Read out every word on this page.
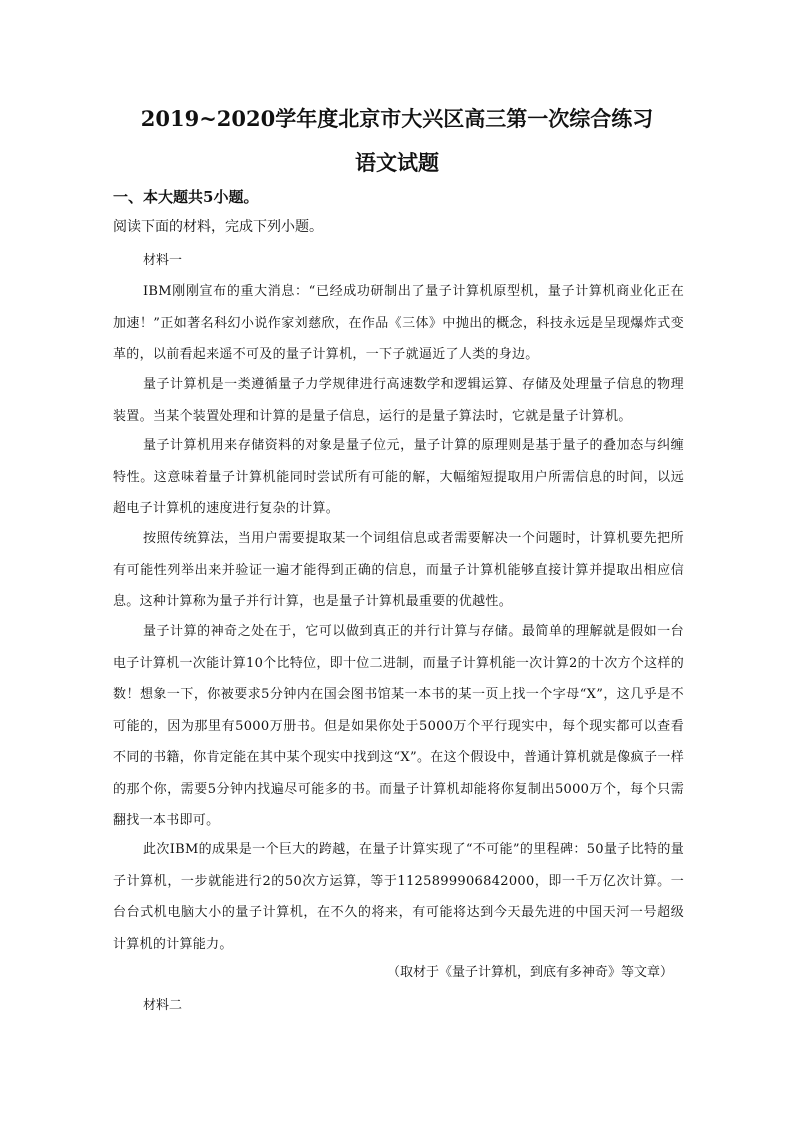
2019~2020学年度北京市大兴区高三第一次综合练习
语文试题
一、本大题共5小题。
阅读下面的材料，完成下列小题。
材料一
IBM刚刚宣布的重大消息：“已经成功研制出了量子计算机原型机，量子计算机商业化正在加速！”正如著名科幻小说作家刘慈欣，在作品《三体》中抛出的概念，科技永远是呈现爆炸式变革的，以前看起来遥不可及的量子计算机，一下子就逼近了人类的身边。
量子计算机是一类遵循量子力学规律进行高速数学和逻辑运算、存储及处理量子信息的物理装置。当某个装置处理和计算的是量子信息，运行的是量子算法时，它就是量子计算机。
量子计算机用来存储资料的对象是量子位元，量子计算的原理则是基于量子的叠加态与纠缠特性。这意味着量子计算机能同时尝试所有可能的解，大幅缩短提取用户所需信息的时间，以远超电子计算机的速度进行复杂的计算。
按照传统算法，当用户需要提取某一个词组信息或者需要解决一个问题时，计算机要先把所有可能性列举出来并验证一遍才能得到正确的信息，而量子计算机能够直接计算并提取出相应信息。这种计算称为量子并行计算，也是量子计算机最重要的优越性。
量子计算的神奇之处在于，它可以做到真正的并行计算与存储。最简单的理解就是假如一台电子计算机一次能计算10个比特位，即十位二进制，而量子计算机能一次计算2的十次方个这样的数！想象一下，你被要求5分钟内在国会图书馆某一本书的某一页上找一个字母“X”，这几乎是不可能的，因为那里有5000万册书。但是如果你处于5000万个平行现实中，每个现实都可以查看不同的书籍，你肯定能在其中某个现实中找到这“X”。在这个假设中，普通计算机就是像疯子一样的那个你，需要5分钟内找遍尽可能多的书。而量子计算机却能将你复制出5000万个，每个只需翻找一本书即可。
此次IBM的成果是一个巨大的跨越，在量子计算实现了“不可能”的里程碑：50量子比特的量子计算机，一步就能进行2的50次方运算，等于1125899906842000，即一千万亿次计算。一台台式机电脑大小的量子计算机，在不久的将来，有可能将达到今天最先进的中国天河一号超级计算机的计算能力。
（取材于《量子计算机，到底有多神奇》等文章）
材料二
